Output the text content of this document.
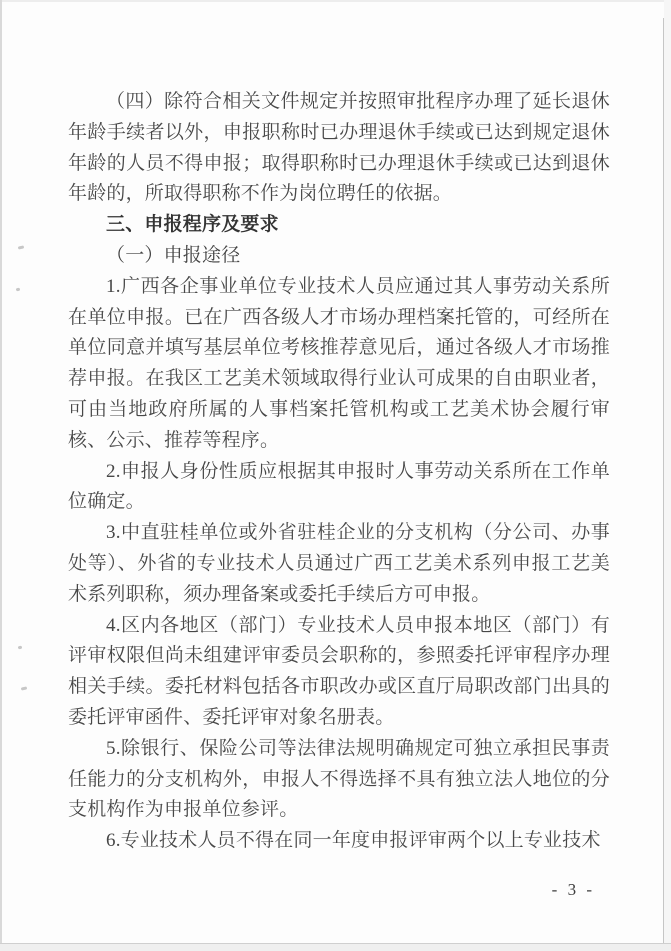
（四）除符合相关文件规定并按照审批程序办理了延长退休年龄手续者以外，申报职称时已办理退休手续或已达到规定退休年龄的人员不得申报；取得职称时已办理退休手续或已达到退休年龄的，所取得职称不作为岗位聘任的依据。

三、申报程序及要求

（一）申报途径

1.广西各企事业单位专业技术人员应通过其人事劳动关系所在单位申报。已在广西各级人才市场办理档案托管的，可经所在单位同意并填写基层单位考核推荐意见后，通过各级人才市场推荐申报。在我区工艺美术领域取得行业认可成果的自由职业者，可由当地政府所属的人事档案托管机构或工艺美术协会履行审核、公示、推荐等程序。

2.申报人身份性质应根据其申报时人事劳动关系所在工作单位确定。

3.中直驻桂单位或外省驻桂企业的分支机构（分公司、办事处等）、外省的专业技术人员通过广西工艺美术系列申报工艺美术系列职称，须办理备案或委托手续后方可申报。

4.区内各地区（部门）专业技术人员申报本地区（部门）有评审权限但尚未组建评审委员会职称的，参照委托评审程序办理相关手续。委托材料包括各市职改办或区直厅局职改部门出具的委托评审函件、委托评审对象名册表。

5.除银行、保险公司等法律法规明确规定可独立承担民事责任能力的分支机构外，申报人不得选择不具有独立法人地位的分支机构作为申报单位参评。

6.专业技术人员不得在同一年度申报评审两个以上专业技术

- 3 -
